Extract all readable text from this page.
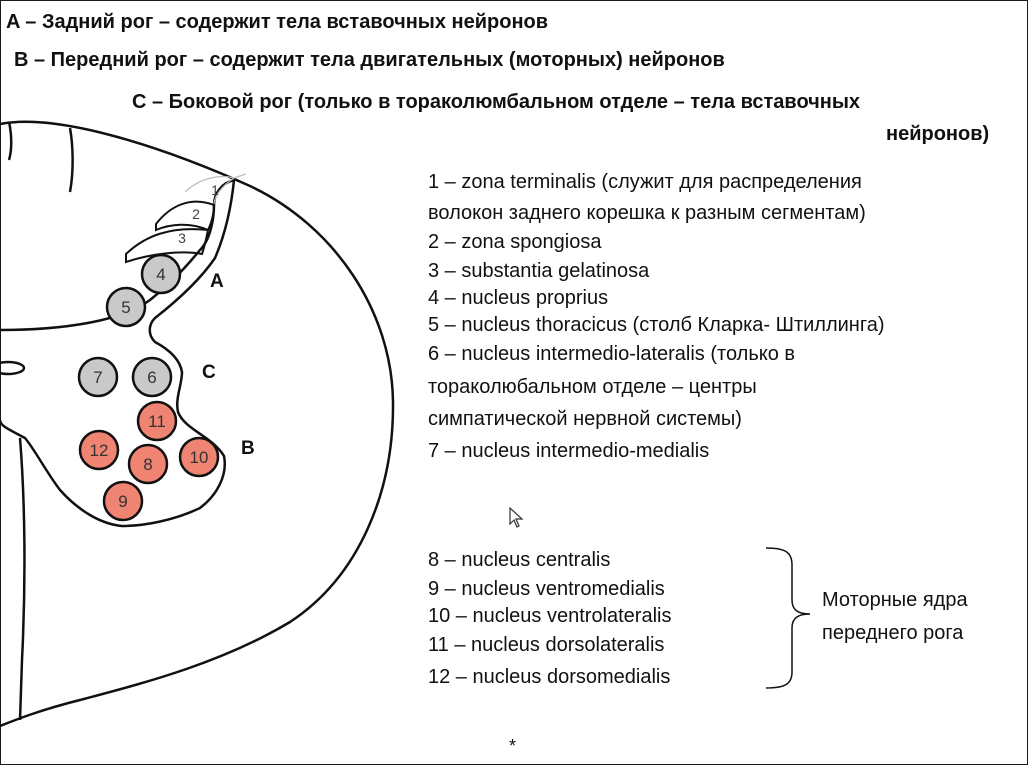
A – Задний рог – содержит тела вставочных нейронов
B – Передний рог – содержит тела двигательных (моторных) нейронов
C – Боковой рог (только в тораколюмбальном отделе – тела вставочных
нейронов)
4
5
6
7
11
12
8 10
9
1
2
3
A
C
B
1 – zona terminalis (служит для распределения
волокон заднего корешка к разным сегментам)
2 – zona spongiosa
3 – substantia gelatinosa
4 – nucleus proprius
5 – nucleus thoracicus (столб Кларка- Штиллинга)
6 – nucleus intermedio-lateralis (только в
тораколюбальном отделе – центры
симпатической нервной системы)
7 – nucleus intermedio-medialis
8 – nucleus centralis
9 – nucleus ventromedialis
10 – nucleus ventrolateralis
11 – nucleus dorsolateralis
12 – nucleus dorsomedialis
Моторные ядра
переднего рога
*
